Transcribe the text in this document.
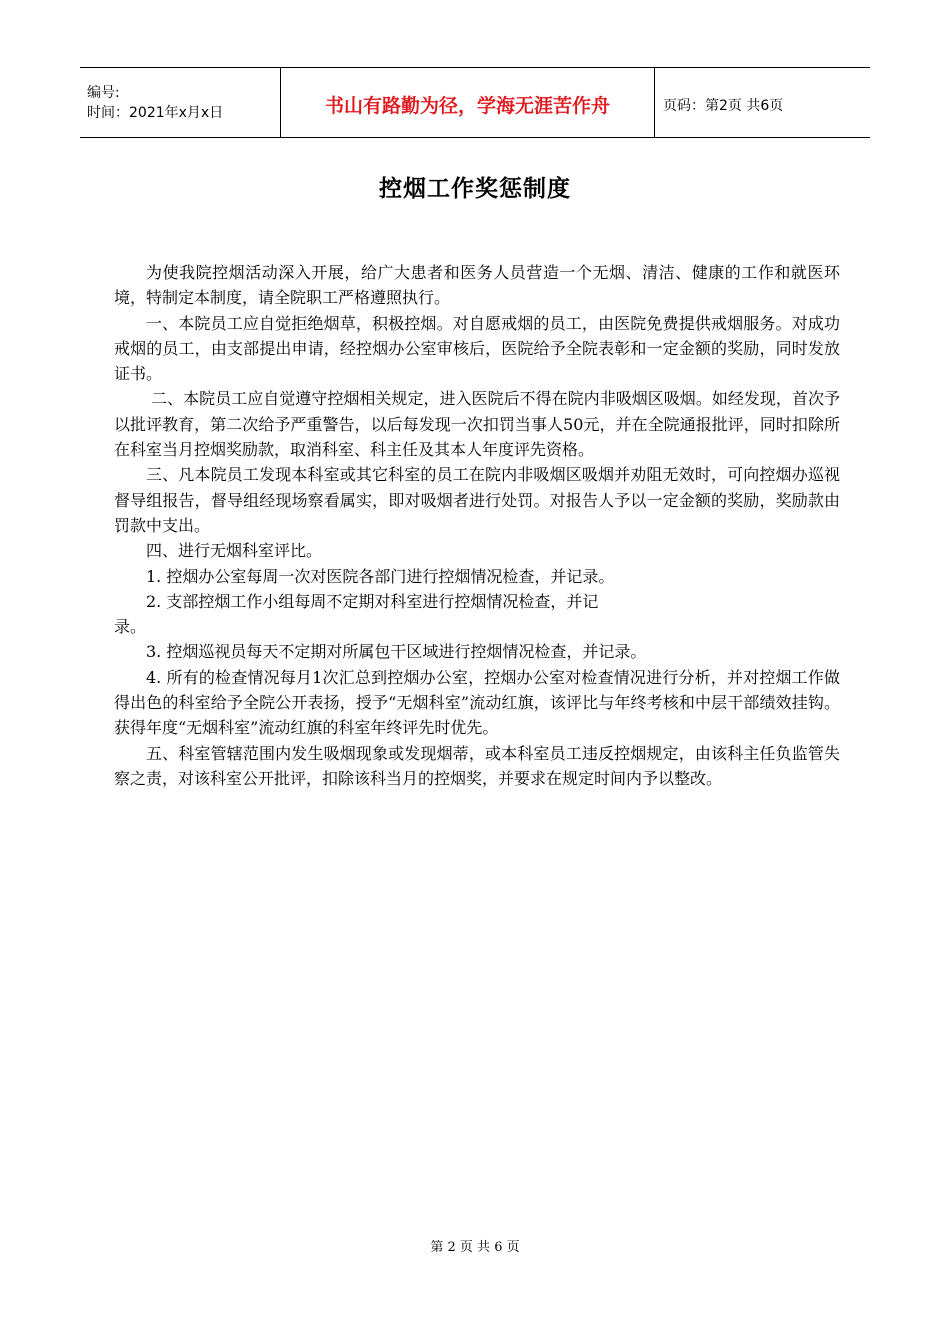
编号:
时间：2021年x月x日	书山有路勤为径，学海无涯苦作舟	页码：第2页 共6页
控烟工作奖惩制度

为使我院控烟活动深入开展，给广大患者和医务人员营造一个无烟、清洁、健康的工作和就医环境，特制定本制度，请全院职工严格遵照执行。

一、本院员工应自觉拒绝烟草，积极控烟。对自愿戒烟的员工，由医院免费提供戒烟服务。对成功戒烟的员工，由支部提出申请，经控烟办公室审核后，医院给予全院表彰和一定金额的奖励，同时发放证书。

二、本院员工应自觉遵守控烟相关规定，进入医院后不得在院内非吸烟区吸烟。如经发现，首次予以批评教育，第二次给予严重警告，以后每发现一次扣罚当事人50元，并在全院通报批评，同时扣除所在科室当月控烟奖励款，取消科室、科主任及其本人年度评先资格。

三、凡本院员工发现本科室或其它科室的员工在院内非吸烟区吸烟并劝阻无效时，可向控烟办巡视督导组报告，督导组经现场察看属实，即对吸烟者进行处罚。对报告人予以一定金额的奖励，奖励款由罚款中支出。

四、进行无烟科室评比。

1. 控烟办公室每周一次对医院各部门进行控烟情况检查，并记录。

2. 支部控烟工作小组每周不定期对科室进行控烟情况检查，并记
录。

3. 控烟巡视员每天不定期对所属包干区域进行控烟情况检查，并记录。

4. 所有的检查情况每月1次汇总到控烟办公室，控烟办公室对检查情况进行分析，并对控烟工作做得出色的科室给予全院公开表扬，授予“无烟科室”流动红旗，该评比与年终考核和中层干部绩效挂钩。获得年度“无烟科室”流动红旗的科室年终评先时优先。

五、科室管辖范围内发生吸烟现象或发现烟蒂，或本科室员工违反控烟规定，由该科主任负监管失察之责，对该科室公开批评，扣除该科当月的控烟奖，并要求在规定时间内予以整改。

第 2 页 共 6 页
